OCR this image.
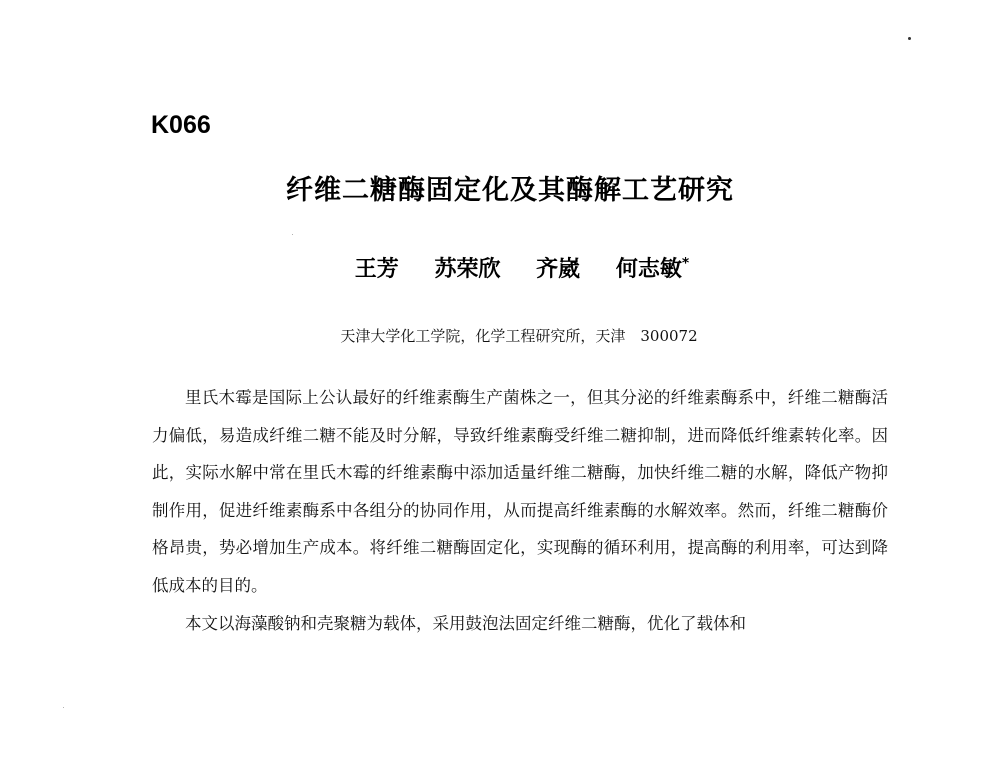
K066
纤维二糖酶固定化及其酶解工艺研究
王芳 苏荣欣 齐崴 何志敏*
天津大学化工学院，化学工程研究所，天津　300072

里氏木霉是国际上公认最好的纤维素酶生产菌株之一，但其分泌的纤维素酶系中，纤维二糖酶活力偏低，易造成纤维二糖不能及时分解，导致纤维素酶受纤维二糖抑制，进而降低纤维素转化率。因此，实际水解中常在里氏木霉的纤维素酶中添加适量纤维二糖酶，加快纤维二糖的水解，降低产物抑制作用，促进纤维素酶系中各组分的协同作用，从而提高纤维素酶的水解效率。然而，纤维二糖酶价格昂贵，势必增加生产成本。将纤维二糖酶固定化，实现酶的循环利用，提高酶的利用率，可达到降低成本的目的。

本文以海藻酸钠和壳聚糖为载体，采用鼓泡法固定纤维二糖酶，优化了载体和
